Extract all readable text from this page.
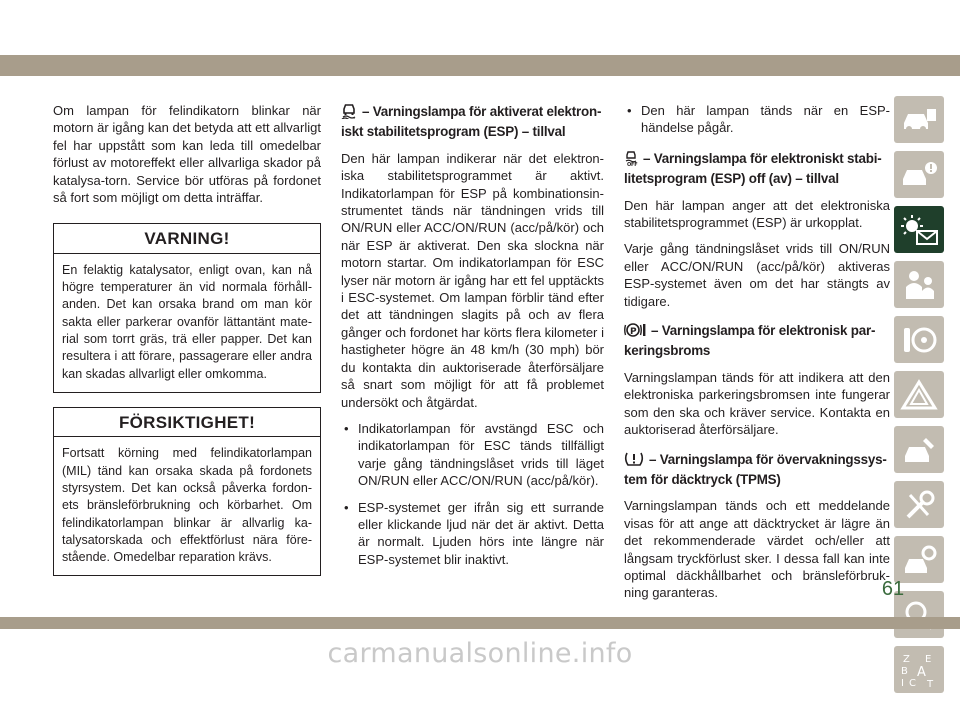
Om lampan för felindikatorn blinkar när motorn är igång kan det betyda att ett allvarligt fel har uppstått som kan leda till omedelbar förlust av motoreffekt eller allvarliga skador på katalysa-torn. Service bör utföras på fordonet så fort som möjligt om detta inträffar.

VARNING!
En felaktig katalysator, enligt ovan, kan nå högre temperaturer än vid normala förhåll-anden. Det kan orsaka brand om man kör sakta eller parkerar ovanför lättantänt mate-rial som torrt gräs, trä eller papper. Det kan resultera i att förare, passagerare eller andra kan skadas allvarligt eller omkomma.
FÖRSIKTIGHET!
Fortsatt körning med felindikatorlampan (MIL) tänd kan orsaka skada på fordonets styrsystem. Det kan också påverka fordon-ets bränsleförbrukning och körbarhet. Om felindikatorlampan blinkar är allvarlig ka-talysatorskada och effektförlust nära före-stående. Omedelbar reparation krävs.
– Varningslampa för aktiverat elektron-iskt stabilitetsprogram (ESP) – tillval

Den här lampan indikerar när det elektron-iska stabilitetsprogrammet är aktivt. Indikatorlampan för ESP på kombinationsin-strumentet tänds när tändningen vrids till ON/RUN eller ACC/ON/RUN (acc/på/kör) och när ESP är aktiverat. Den ska slockna när motorn startar. Om indikatorlampan för ESC lyser när motorn är igång har ett fel upptäckts i ESC-systemet. Om lampan förblir tänd efter det att tändningen slagits på och av flera gånger och fordonet har körts flera kilometer i hastigheter högre än 48 km/h (30 mph) bör du kontakta din auktoriserade återförsäljare så snart som möjligt för att få problemet undersökt och åtgärdat.

• Indikatorlampan för avstängd ESC och indikatorlampan för ESC tänds tillfälligt varje gång tändningslåset vrids till läget ON/RUN eller ACC/ON/RUN (acc/på/kör).
• ESP-systemet ger ifrån sig ett surrande eller klickande ljud när det är aktivt. Detta är normalt. Ljuden hörs inte längre när ESP-systemet blir inaktivt.
• Den här lampan tänds när en ESP-händelse pågår.
OFF – Varningslampa för elektroniskt stabi-litetsprogram (ESP) off (av) – tillval

Den här lampan anger att det elektroniska stabilitetsprogrammet (ESP) är urkopplat.

Varje gång tändningslåset vrids till ON/RUN eller ACC/ON/RUN (acc/på/kör) aktiveras ESP-systemet även om det har stängts av tidigare.

P – Varningslampa för elektronisk par-keringsbroms

Varningslampan tänds för att indikera att den elektroniska parkeringsbromsen inte fungerar som den ska och kräver service. Kontakta en auktoriserad återförsäljare.

– Varningslampa för övervakningssys-tem för däcktryck (TPMS)

Varningslampan tänds och ett meddelande visas för att ange att däcktrycket är lägre än det rekommenderade värdet och/eller att långsam tryckförlust sker. I dessa fall kan inte optimal däckhållbarhet och bränsleförbruk-ning garanteras.

Z
B
E
A
C T
I
61
carmanualsonline.info
